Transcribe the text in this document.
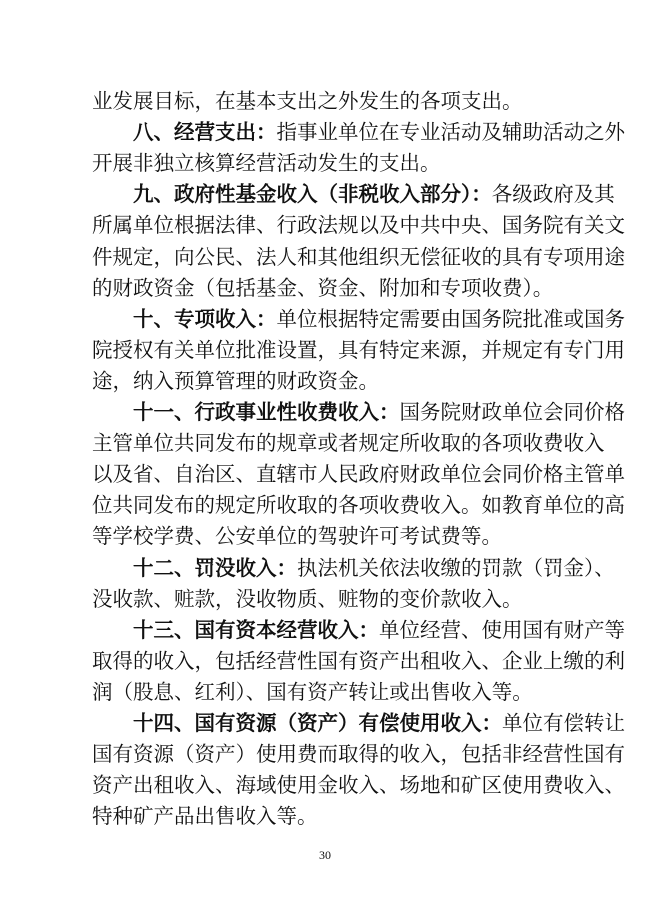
业发展目标，在基本支出之外发生的各项支出。
八、经营支出：指事业单位在专业活动及辅助活动之外
开展非独立核算经营活动发生的支出。
九、政府性基金收入（非税收入部分）：各级政府及其
所属单位根据法律、行政法规以及中共中央、国务院有关文
件规定，向公民、法人和其他组织无偿征收的具有专项用途
的财政资金（包括基金、资金、附加和专项收费）。
十、专项收入：单位根据特定需要由国务院批准或国务
院授权有关单位批准设置，具有特定来源，并规定有专门用
途，纳入预算管理的财政资金。
十一、行政事业性收费收入：国务院财政单位会同价格
主管单位共同发布的规章或者规定所收取的各项收费收入
以及省、自治区、直辖市人民政府财政单位会同价格主管单
位共同发布的规定所收取的各项收费收入。如教育单位的高
等学校学费、公安单位的驾驶许可考试费等。
十二、罚没收入：执法机关依法收缴的罚款（罚金）、
没收款、赃款，没收物质、赃物的变价款收入。
十三、国有资本经营收入：单位经营、使用国有财产等
取得的收入，包括经营性国有资产出租收入、企业上缴的利
润（股息、红利）、国有资产转让或出售收入等。
十四、国有资源（资产）有偿使用收入：单位有偿转让
国有资源（资产）使用费而取得的收入，包括非经营性国有
资产出租收入、海域使用金收入、场地和矿区使用费收入、
特种矿产品出售收入等。
30
